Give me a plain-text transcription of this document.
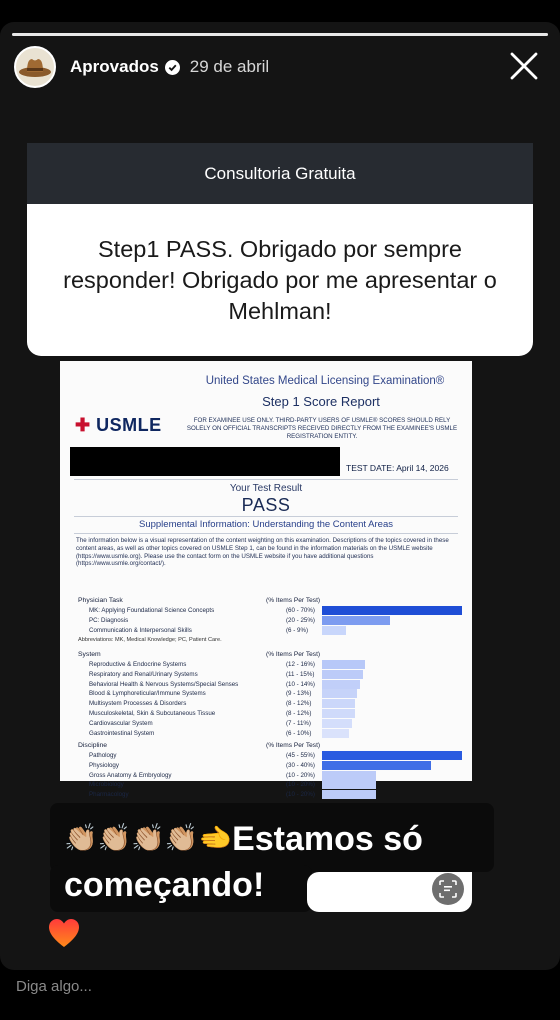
Aprovados 29 de abril
Consultoria Gratuita
Step1 PASS. Obrigado por sempre responder! Obrigado por me apresentar o Mehlman!
United States Medical Licensing Examination®
Step 1 Score Report
✚ USMLE	FOR EXAMINEE USE ONLY. THIRD-PARTY USERS OF USMLE® SCORES SHOULD RELY SOLELY ON OFFICIAL TRANSCRIPTS RECEIVED DIRECTLY FROM THE EXAMINEE'S USMLE REGISTRATION ENTITY.
TEST DATE: April 14, 2026
Your Test Result
PASS
Supplemental Information: Understanding the Content Areas
The information below is a visual representation of the content weighting on this examination. Descriptions of the topics covered in these content areas, as well as other topics covered on USMLE Step 1, can be found in the information materials on the USMLE website (https://www.usmle.org). Please use the contact form on the USMLE website if you have additional questions (https://www.usmle.org/contact/).
Physician Task	(% Items Per Test)
MK: Applying Foundational Science Concepts	(60 - 70%)
PC: Diagnosis	(20 - 25%)
Communication & Interpersonal Skills	(6 - 9%)
Abbreviations: MK, Medical Knowledge; PC, Patient Care.
System	(% Items Per Test)
Reproductive & Endocrine Systems	(12 - 16%)
Respiratory and Renal/Urinary Systems	(11 - 15%)
Behavioral Health & Nervous Systems/Special Senses	(10 - 14%)
Blood & Lymphoreticular/Immune Systems	(9 - 13%)
Multisystem Processes & Disorders	(8 - 12%)
Musculoskeletal, Skin & Subcutaneous Tissue	(8 - 12%)
Cardiovascular System	(7 - 11%)
Gastrointestinal System	(6 - 10%)
Discipline	(% Items Per Test)
Pathology	(45 - 55%)
Physiology	(30 - 40%)
Gross Anatomy & Embryology	(10 - 20%)
Microbiology	(10 - 20%)
Pharmacology	(10 - 20%)
👏🏼👏🏼👏🏼👏🏼🫲Estamos só
começando!
Diga algo...
